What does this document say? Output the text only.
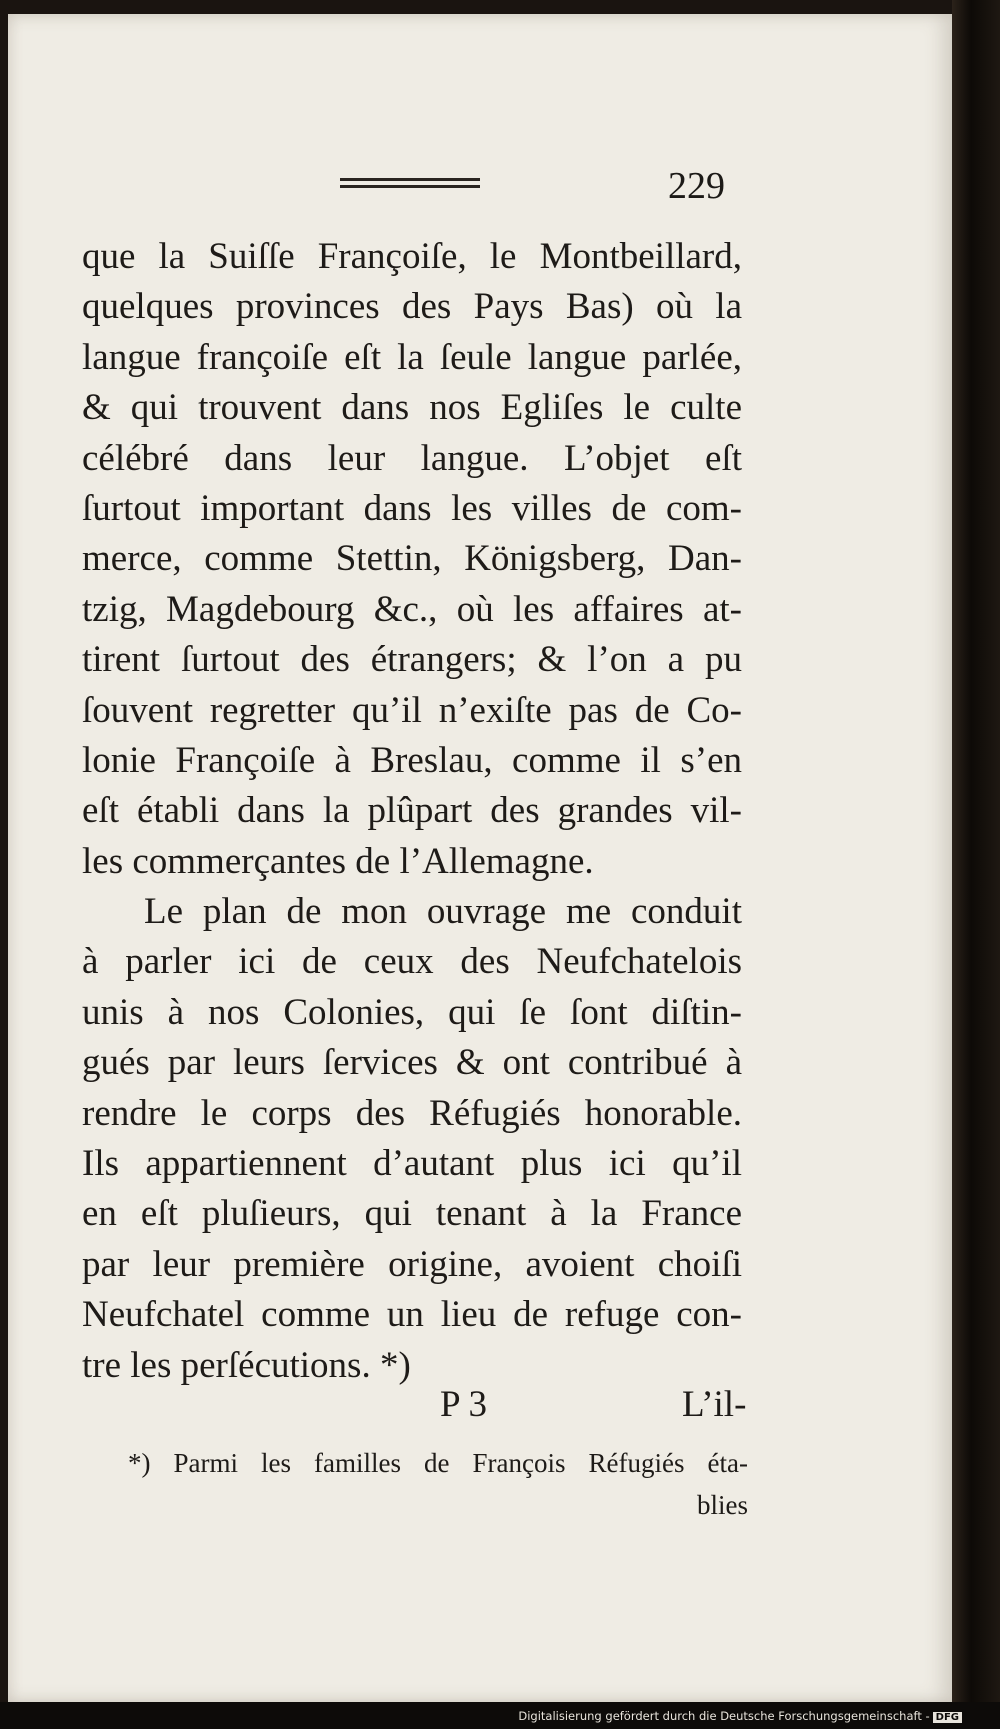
229
que la Suiſſe Françoiſe, le Montbeillard,
quelques provinces des Pays Bas) où la
langue françoiſe eſt la ſeule langue parlée,
& qui trouvent dans nos Egliſes le culte
célébré dans leur langue. L’objet eſt
ſurtout important dans les villes de com-
merce, comme Stettin, Königsberg, Dan-
tzig, Magdebourg &c., où les affaires at-
tirent ſurtout des étrangers; & l’on a pu
ſouvent regretter qu’il n’exiſte pas de Co-
lonie Françoiſe à Breslau, comme il s’en
eſt établi dans la plûpart des grandes vil-
les commerçantes de l’Allemagne.
Le plan de mon ouvrage me conduit
à parler ici de ceux des Neufchatelois
unis à nos Colonies, qui ſe ſont diſtin-
gués par leurs ſervices & ont contribué à
rendre le corps des Réfugiés honorable.
Ils appartiennent d’autant plus ici qu’il
en eſt pluſieurs, qui tenant à la France
par leur première origine, avoient choiſi
Neufchatel comme un lieu de refuge con-
tre les perſécutions. *)
P 3	L’il-
*) Parmi les familles de François Réfugiés éta-
blies
Digitalisierung gefördert durch die Deutsche Forschungsgemeinschaft - DFG
